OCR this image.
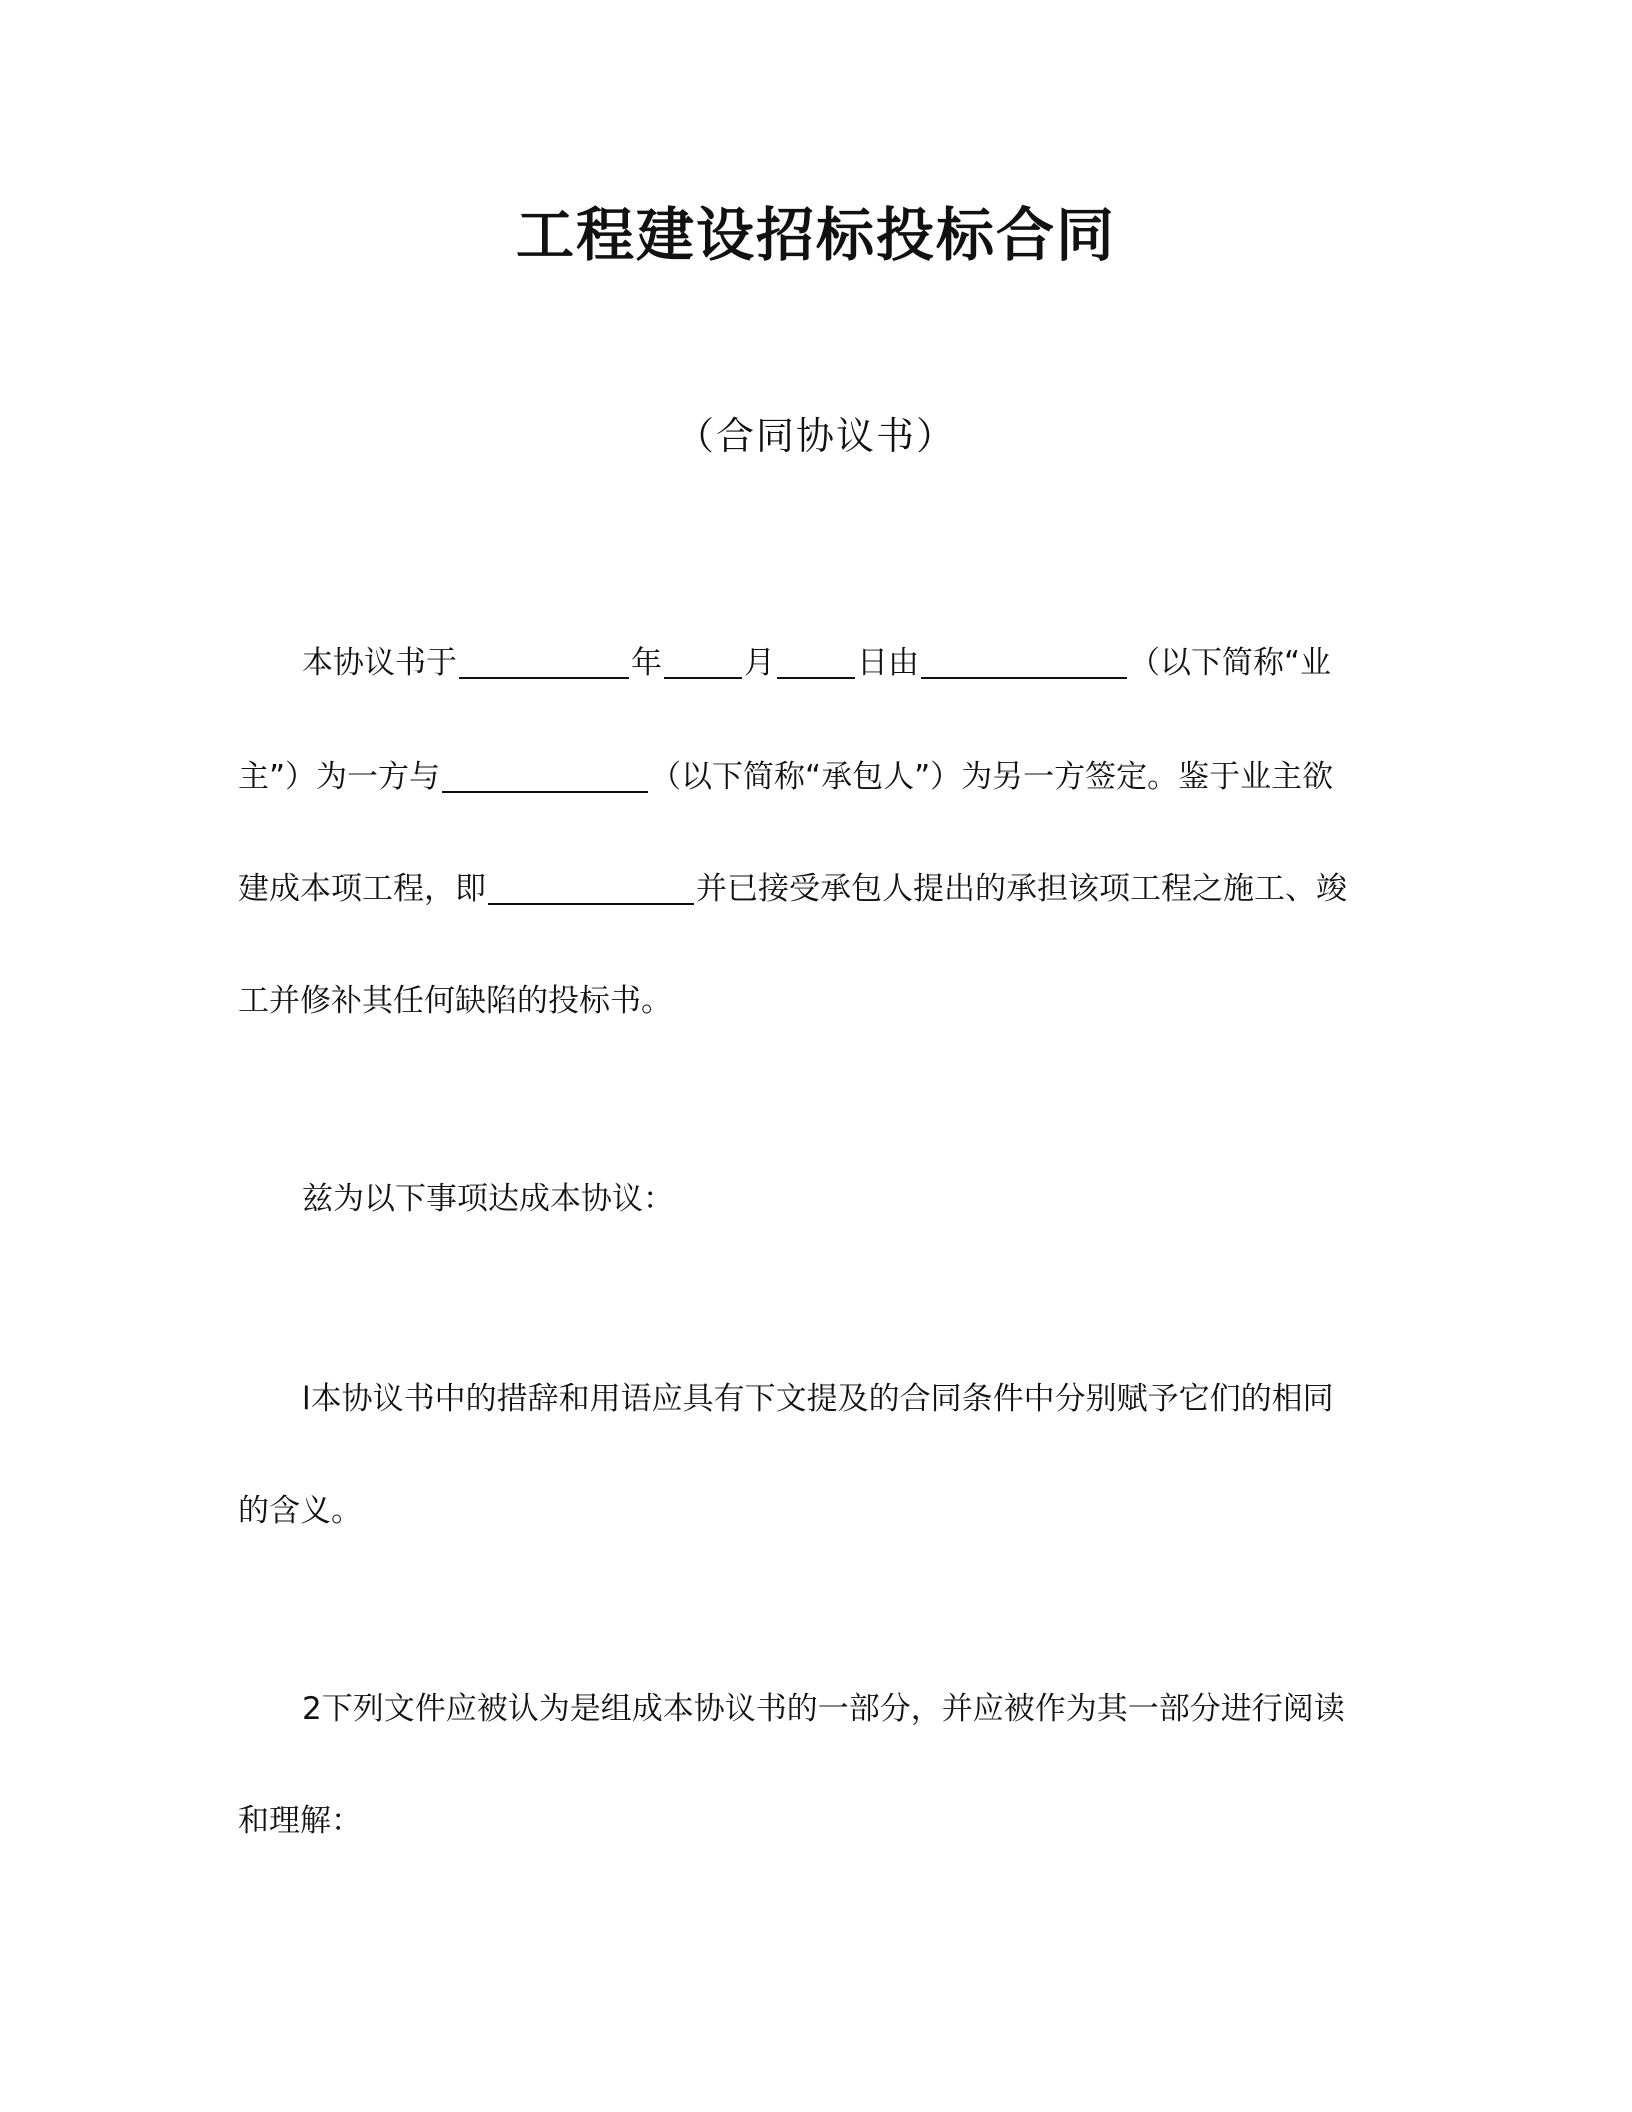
工程建设招标投标合同
（合同协议书）
本协议书于	年	月	日由	（以下简称“业
主”）为一方与	（以下简称“承包人”）为另一方签定。鉴于业主欲
建成本项工程，即	并已接受承包人提出的承担该项工程之施工、竣
工并修补其任何缺陷的投标书。
兹为以下事项达成本协议：
l本协议书中的措辞和用语应具有下文提及的合同条件中分别赋予它们的相同
的含义。
2下列文件应被认为是组成本协议书的一部分，并应被作为其一部分进行阅读
和理解：
